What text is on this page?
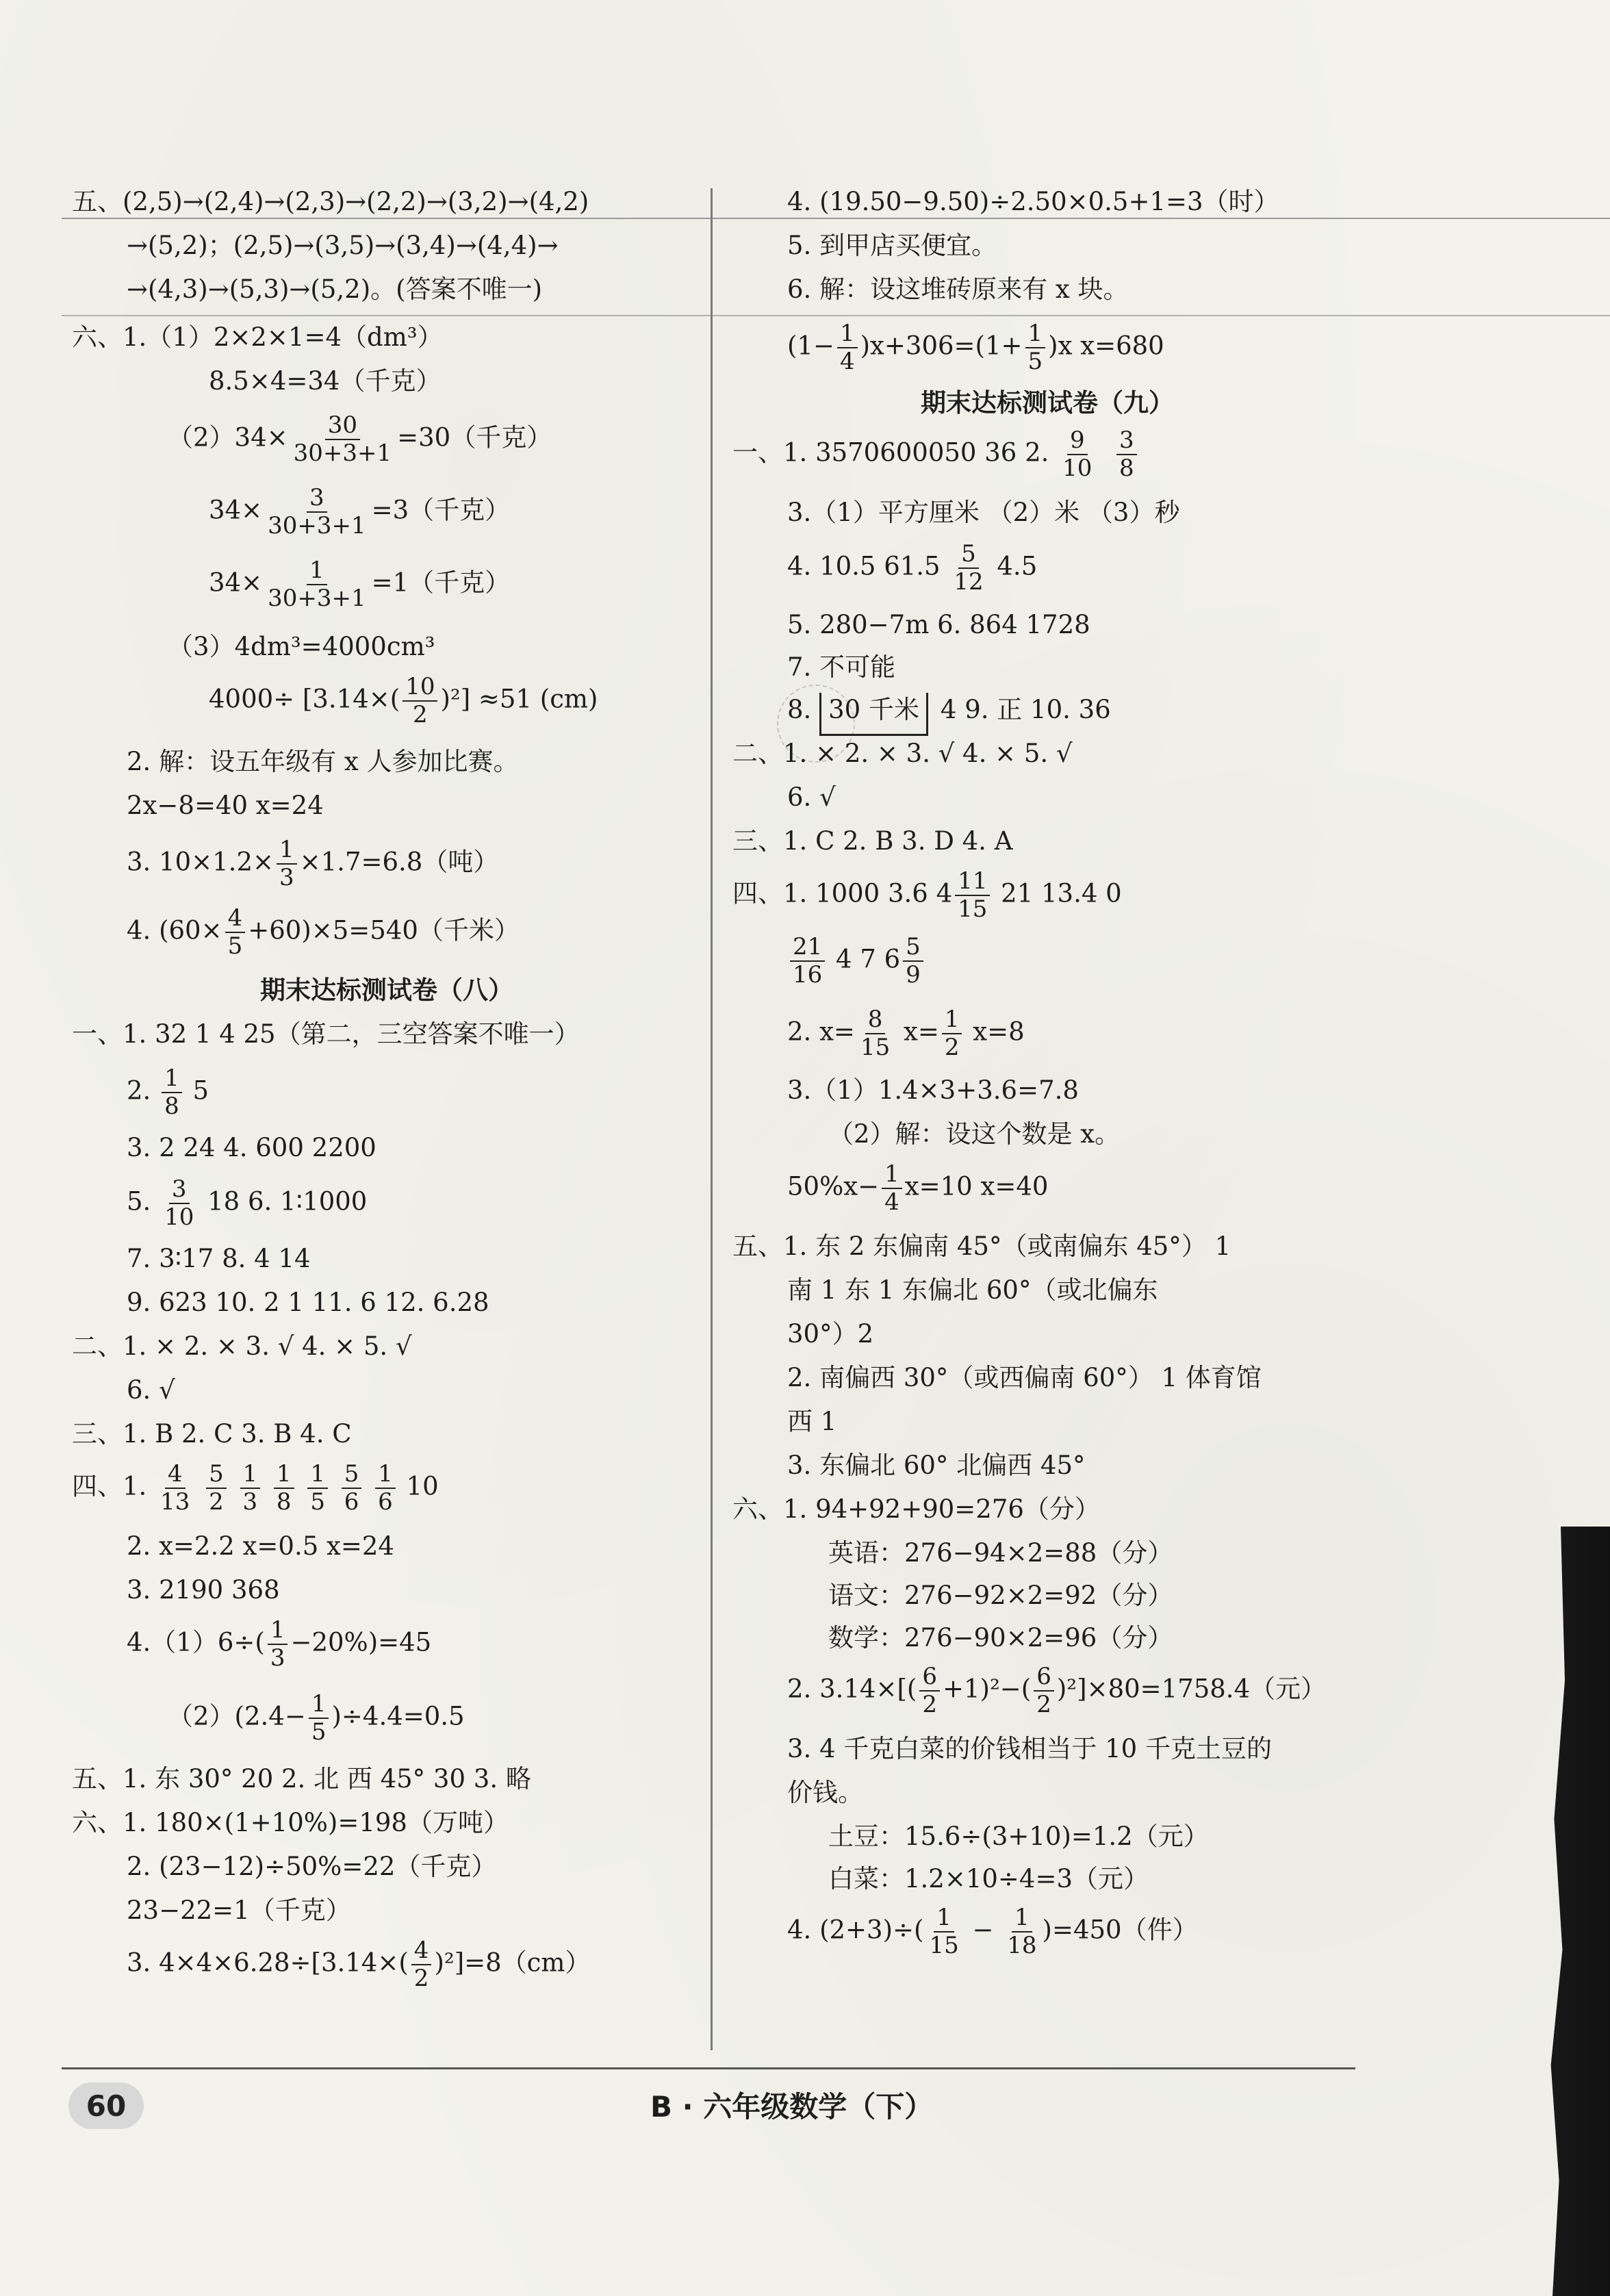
五、(2,5)→(2,4)→(2,3)→(2,2)→(3,2)→(4,2)
→(5,2)；(2,5)→(3,5)→(3,4)→(4,4)→
→(4,3)→(5,3)→(5,2)。(答案不唯一)
六、1.（1）2×2×1=4（dm³）
8.5×4=34（千克）
$(2)34\times \frac{30}{30+3+1} =30$（千克）
$34\times \frac{3}{30+3+1} =3$（千克）
$34\times \frac{1}{30+3+1} =1$（千克）
（3）4dm³=4000cm³
$4000\div [3.14\times( \frac{10}{2} )^2] \approx 51$ (cm)
2. 解：设五年级有 x 人参加比赛。
2x−8=40 x=24
3. $10\times 1.2\times \frac{1}{3} \times 1.7=6.8$（吨）
4. $(60\times \frac{4}{5} +60)\times 5=540$（千米）
期末达标测试卷（八）
一、1. 32 1 4 25（第二，三空答案不唯一）
2. $\frac{1}{8} 5$
3. 2 24 4. 600 2200
5. $\frac{3}{10} 18$ 6. 1∶1000
7. 3∶17 8. 4 14
9. 623 10. 2 1 11. 6 12. 6.28
二、1. × 2. × 3. √ 4. × 5. √
6. √
三、1. B 2. C 3. B 4. C
四、1. $\frac{4}{13}$
$\frac{5}{2}$
$\frac{1}{3}$
$\frac{1}{8}$
$\frac{1}{5}$
$\frac{5}{6}$
$\frac{1}{6} 10$
2. x=2.2 x=0.5 x=24
3. 2190 368
$4.(1)6\div( \frac{1}{3} -20\%)=45$
$(2)(2.4- \frac{1}{5} )\div 4.4=0.5$
五、1. 东 30° 20 2. 北 西 45° 30 3. 略
六、1. 180×(1+10%)=198（万吨）
2. (23−12)÷50%=22（千克）
23−22=1（千克）
3. $4\times 4\times 6.28\div[3.14\times( \frac{4}{2} )^2]=8(cm)$
4. (19.50−9.50)÷2.50×0.5+1=3（时）
5. 到甲店买便宜。
6. 解：设这堆砖原来有 x 块。
$(1- \frac{1}{4} )x+306=(1+ \frac{1}{5} )x$ x=680
期末达标测试卷（九）
一、1. 3570600050 36 2. $\frac{9}{10}$
$\frac{3}{8}$
3.（1）平方厘米 （2）米 （3）秒
4. 10.5 $61.5 \frac{5}{12} 4.5$
5. 280−7m 6. 864 1728
7. 不可能
8. 30 千米 4 9. 正 10. 36
二、1. × 2. × 3. √ 4. × 5. √
6. √
三、1. C 2. B 3. D 4. A
四、1. 1000 3.6 $4 \frac{11}{15} 21$ 13.4 0
$\frac{21}{16} 4$ 7 $6 \frac{5}{9}$
2. $x= \frac{8}{15} x= \frac{1}{2} x=8$
3.（1）1.4×3+3.6=7.8
（2）解：设这个数是 x。
$50\%x- \frac{1}{4} x=10$ x=40
五、1. 东 2 东偏南 45°（或南偏东 45°） 1
南 1 东 1 东偏北 60°（或北偏东
30°）2
2. 南偏西 30°（或西偏南 60°） 1 体育馆
西 1
3. 东偏北 60° 北偏西 45°
六、1. 94+92+90=276（分）
英语：276−94×2=88（分）
语文：276−92×2=92（分）
数学：276−90×2=96（分）
2. $3.14\times[( \frac{6}{2} +1)^2-( \frac{6}{2} )^2]\times 80=1758.4$（元）
3. 4 千克白菜的价钱相当于 10 千克土豆的
价钱。
土豆：15.6÷(3+10)=1.2（元）
白菜：1.2×10÷4=3（元）
4. $(2+3)\div( \frac{1}{15} - \frac{1}{18} )=450$（件）
60	B · 六年级数学（下）
